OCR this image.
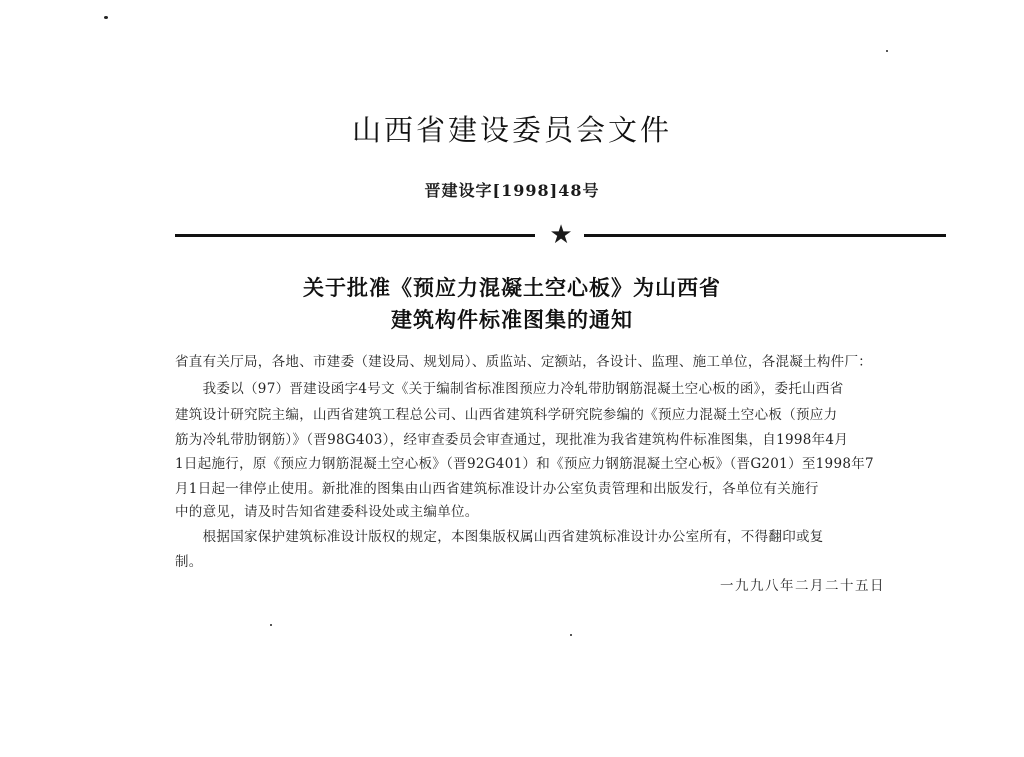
山西省建设委员会文件
晋建设字[1998]48号
★
关于批准《预应力混凝土空心板》为山西省
建筑构件标准图集的通知
省直有关厅局，各地、市建委（建设局、规划局）、质监站、定额站，各设计、监理、施工单位，各混凝土构件厂：
　　我委以（97）晋建设函字4号文《关于编制省标准图预应力冷轧带肋钢筋混凝土空心板的函》，委托山西省
建筑设计研究院主编，山西省建筑工程总公司、山西省建筑科学研究院参编的《预应力混凝土空心板（预应力
筋为冷轧带肋钢筋）》（晋98G403），经审查委员会审查通过，现批准为我省建筑构件标准图集，自1998年4月
1日起施行，原《预应力钢筋混凝土空心板》（晋92G401）和《预应力钢筋混凝土空心板》（晋G201）至1998年7
月1日起一律停止使用。新批准的图集由山西省建筑标准设计办公室负责管理和出版发行，各单位有关施行
中的意见，请及时告知省建委科设处或主编单位。
　　根据国家保护建筑标准设计版权的规定，本图集版权属山西省建筑标准设计办公室所有，不得翻印或复
制。
一九九八年二月二十五日
